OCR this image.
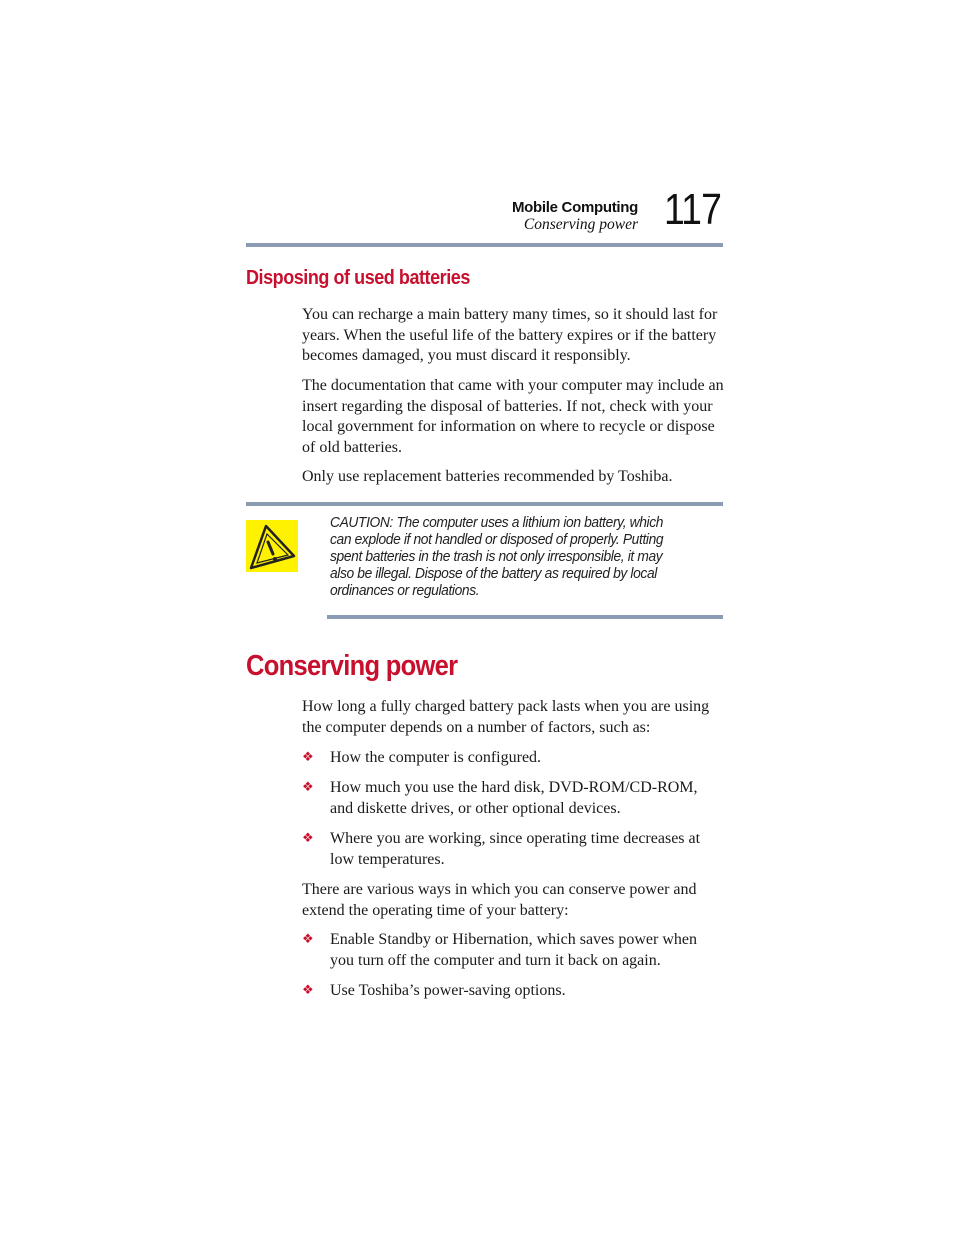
Mobile Computing
Conserving power 117
Disposing of used batteries

You can recharge a main battery many times, so it should last for years. When the useful life of the battery expires or if the battery becomes damaged, you must discard it responsibly.

The documentation that came with your computer may include an insert regarding the disposal of batteries. If not, check with your local government for information on where to recycle or dispose of old batteries.

Only use replacement batteries recommended by Toshiba.

CAUTION: The computer uses a lithium ion battery, which can explode if not handled or disposed of properly. Putting spent batteries in the trash is not only irresponsible, it may also be illegal. Dispose of the battery as required by local ordinances or regulations.
Conserving power

How long a fully charged battery pack lasts when you are using the computer depends on a number of factors, such as:

❖ How the computer is configured.
❖ How much you use the hard disk, DVD-ROM/CD-ROM, and diskette drives, or other optional devices.
❖ Where you are working, since operating time decreases at low temperatures.

There are various ways in which you can conserve power and extend the operating time of your battery:

❖ Enable Standby or Hibernation, which saves power when you turn off the computer and turn it back on again.
❖ Use Toshiba’s power-saving options.
